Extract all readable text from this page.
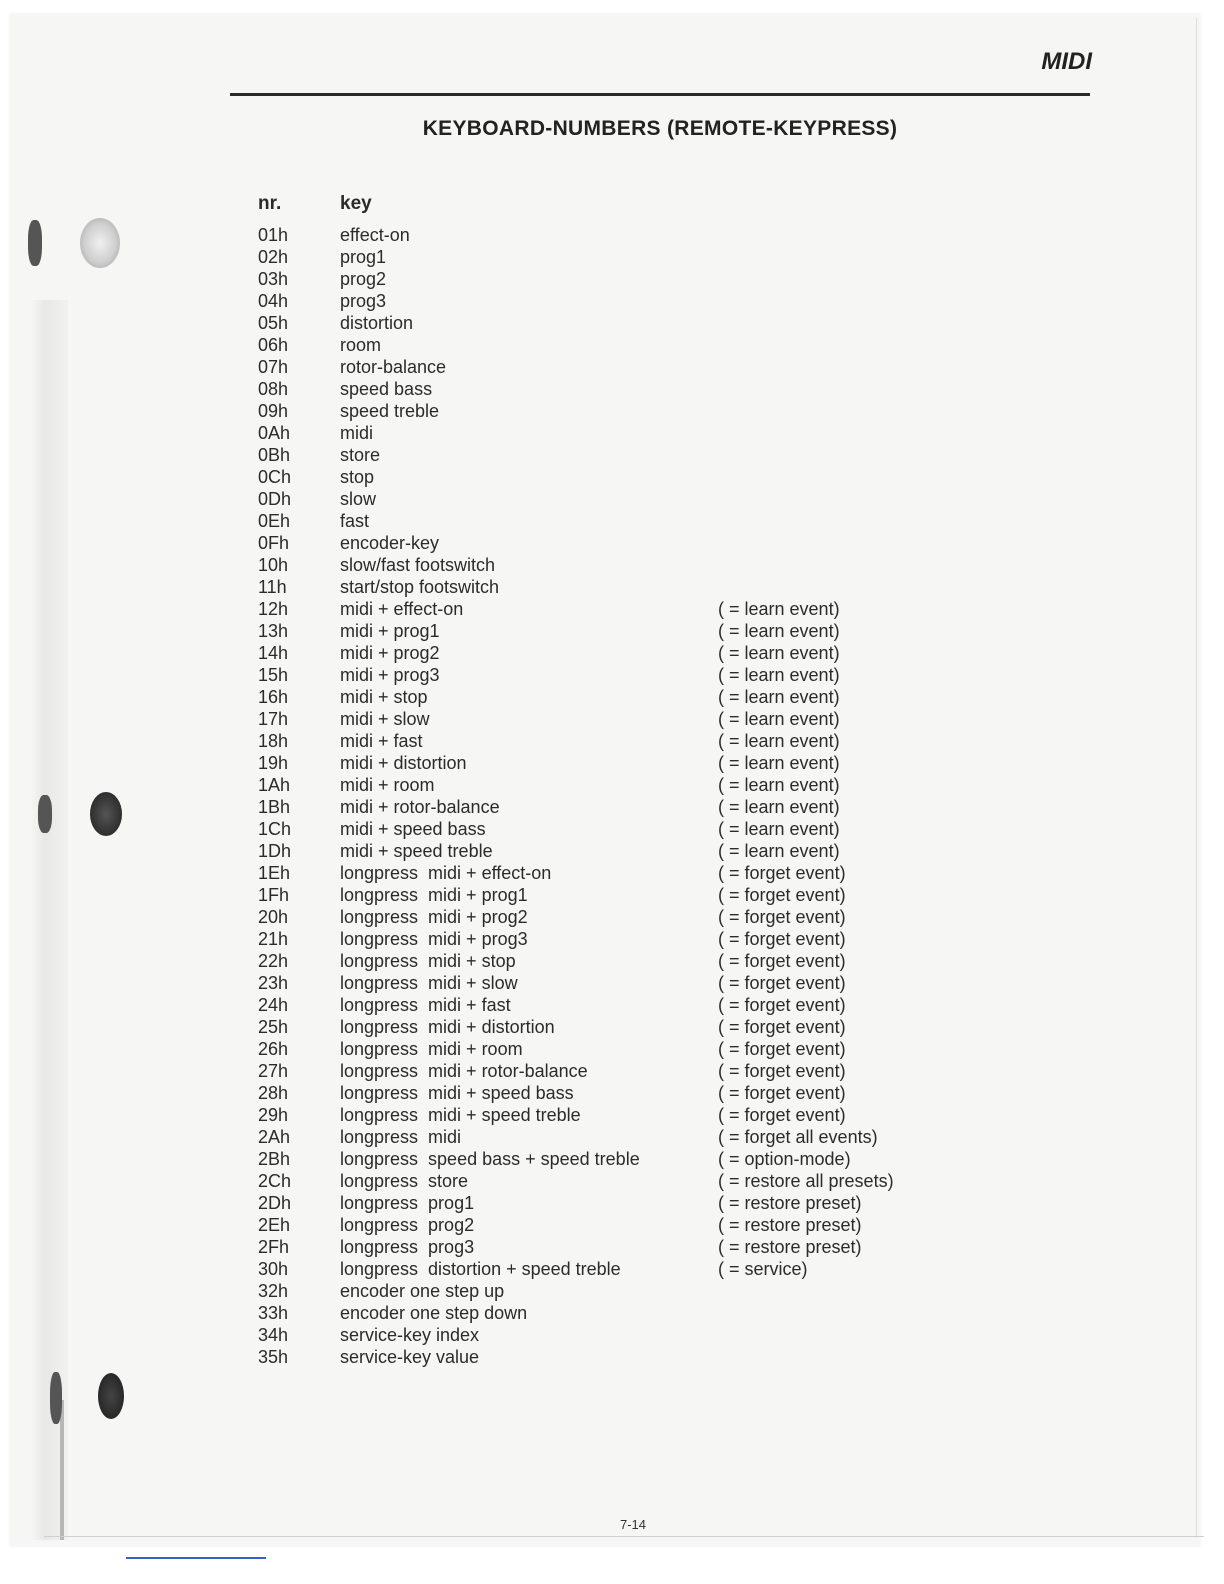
MIDI
KEYBOARD-NUMBERS (REMOTE-KEYPRESS)
nr.	key
01h	effect-on
02h	prog1
03h	prog2
04h	prog3
05h	distortion
06h	room
07h	rotor-balance
08h	speed bass
09h	speed treble
0Ah	midi
0Bh	store
0Ch	stop
0Dh	slow
0Eh	fast
0Fh	encoder-key
10h	slow/fast footswitch
11h	start/stop footswitch
12h	midi + effect-on	( = learn event)
13h	midi + prog1	( = learn event)
14h	midi + prog2	( = learn event)
15h	midi + prog3	( = learn event)
16h	midi + stop	( = learn event)
17h	midi + slow	( = learn event)
18h	midi + fast	( = learn event)
19h	midi + distortion	( = learn event)
1Ah	midi + room	( = learn event)
1Bh	midi + rotor-balance	( = learn event)
1Ch	midi + speed bass	( = learn event)
1Dh	midi + speed treble	( = learn event)
1Eh	longpress  midi + effect-on	( = forget event)
1Fh	longpress  midi + prog1	( = forget event)
20h	longpress  midi + prog2	( = forget event)
21h	longpress  midi + prog3	( = forget event)
22h	longpress  midi + stop	( = forget event)
23h	longpress  midi + slow	( = forget event)
24h	longpress  midi + fast	( = forget event)
25h	longpress  midi + distortion	( = forget event)
26h	longpress  midi + room	( = forget event)
27h	longpress  midi + rotor-balance	( = forget event)
28h	longpress  midi + speed bass	( = forget event)
29h	longpress  midi + speed treble	( = forget event)
2Ah	longpress  midi	( = forget all events)
2Bh	longpress  speed bass + speed treble	( = option-mode)
2Ch	longpress  store	( = restore all presets)
2Dh	longpress  prog1	( = restore preset)
2Eh	longpress  prog2	( = restore preset)
2Fh	longpress  prog3	( = restore preset)
30h	longpress  distortion + speed treble	( = service)
32h	encoder one step up
33h	encoder one step down
34h	service-key index
35h	service-key value
7-14
